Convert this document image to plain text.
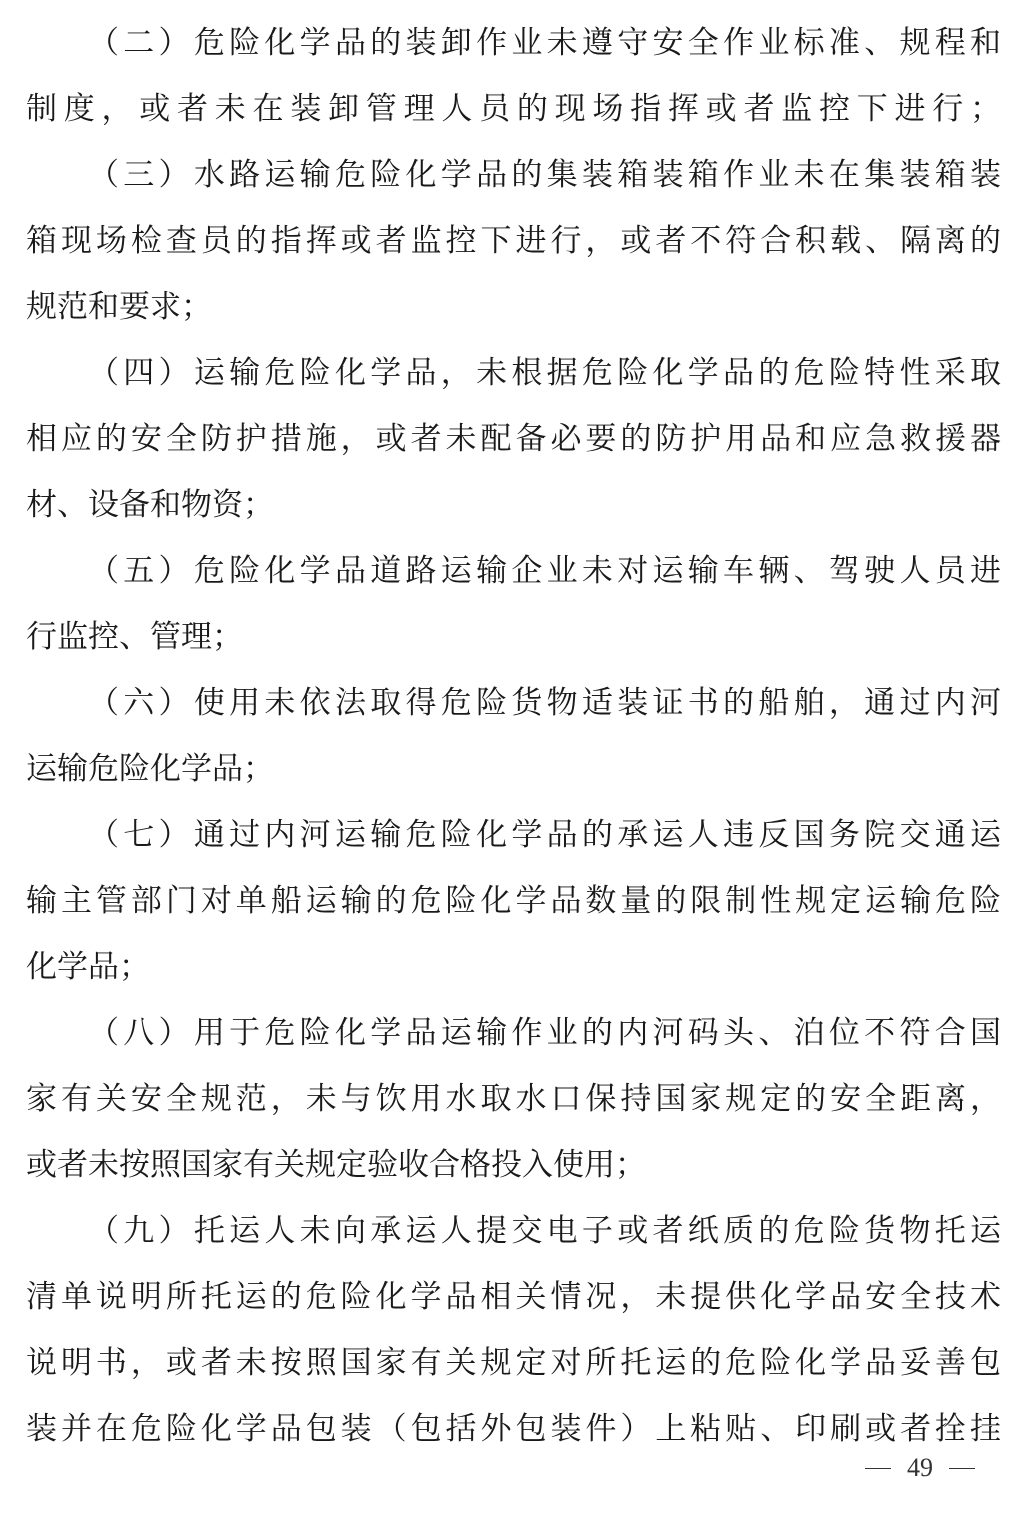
（二）危险化学品的装卸作业未遵守安全作业标准、规程和
制度，或者未在装卸管理人员的现场指挥或者监控下进行；
（三）水路运输危险化学品的集装箱装箱作业未在集装箱装
箱现场检查员的指挥或者监控下进行，或者不符合积载、隔离的
规范和要求；
（四）运输危险化学品，未根据危险化学品的危险特性采取
相应的安全防护措施，或者未配备必要的防护用品和应急救援器
材、设备和物资；
（五）危险化学品道路运输企业未对运输车辆、驾驶人员进
行监控、管理；
（六）使用未依法取得危险货物适装证书的船舶，通过内河
运输危险化学品；
（七）通过内河运输危险化学品的承运人违反国务院交通运
输主管部门对单船运输的危险化学品数量的限制性规定运输危险
化学品；
（八）用于危险化学品运输作业的内河码头、泊位不符合国
家有关安全规范，未与饮用水取水口保持国家规定的安全距离，
或者未按照国家有关规定验收合格投入使用；
（九）托运人未向承运人提交电子或者纸质的危险货物托运
清单说明所托运的危险化学品相关情况，未提供化学品安全技术
说明书，或者未按照国家有关规定对所托运的危险化学品妥善包
装并在危险化学品包装（包括外包装件）上粘贴、印刷或者拴挂
49
